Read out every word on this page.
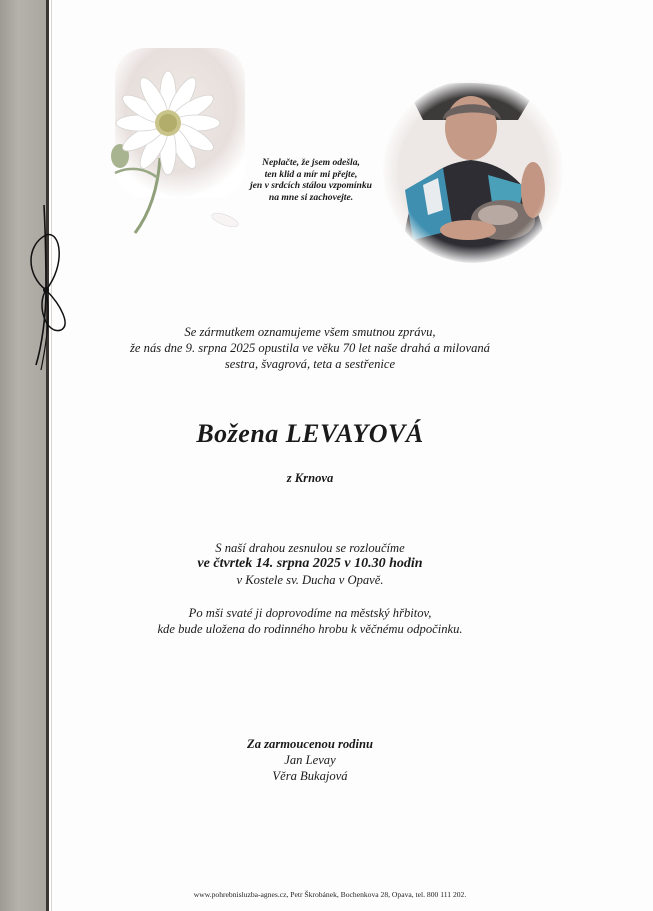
Neplačte, že jsem odešla,
ten klid a mír mi přejte,
jen v srdcích stálou vzpomínku
na mne si zachovejte.
Se zármutkem oznamujeme všem smutnou zprávu,
že nás dne 9. srpna 2025 opustila ve věku 70 let naše drahá a milovaná
sestra, švagrová, teta a sestřenice
Božena LEVAYOVÁ
z Krnova
S naší drahou zesnulou se rozloučíme
ve čtvrtek 14. srpna 2025 v 10.30 hodin
v Kostele sv. Ducha v Opavě.
Po mši svaté ji doprovodíme na městský hřbitov,
kde bude uložena do rodinného hrobu k věčnému odpočinku.
Za zarmoucenou rodinu
Jan Levay
Věra Bukajová
www.pohrebnisluzba-agnes.cz, Petr Škrobánek, Bochenkova 28, Opava, tel. 800 111 202.
